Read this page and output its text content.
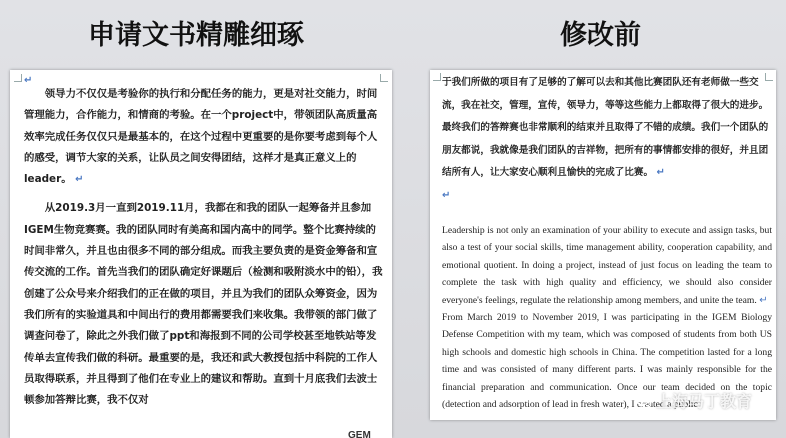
申请文书精雕细琢	修改前
↵

领导力不仅仅是考验你的执行和分配任务的能力，更是对社交能力，时间管理能力，合作能力，和情商的考验。在一个project中，带领团队高质量高效率完成任务仅仅只是最基本的，在这个过程中更重要的是你要考虑到每个人的感受，调节大家的关系，让队员之间安得团结，这样才是真正意义上的leader。 ↵

从2019.3月一直到2019.11月，我都在和我的团队一起筹备并且参加IGEM生物竞赛赛。我的团队同时有美高和国内高中的同学。整个比赛持续的时间非常久，并且也由很多不同的部分组成。而我主要负责的是资金筹备和宣传交流的工作。首先当我们的团队确定好课题后（检测和吸附淡水中的铅），我创建了公众号来介绍我们的正在做的项目，并且为我们的团队众筹资金，因为我们所有的实验道具和中间出行的费用都需要我们来收集。我带领的部门做了调查问卷了，除此之外我们做了ppt和海报到不同的公司学校甚至地铁站等发传单去宣传我们做的科研。最重要的是，我还和武大教授包括中科院的工作人员取得联系，并且得到了他们在专业上的建议和帮助。直到十月底我们去波士顿参加答辩比赛，我不仅对

于我们所做的项目有了足够的了解可以去和其他比赛团队还有老师做一些交流，我在社交，管理，宣传，领导力，等等这些能力上都取得了很大的进步。最终我们的答辩赛也非常顺利的结束并且取得了不错的成绩。我们一个团队的朋友都说，我就像是我们团队的吉祥物，把所有的事情都安排的很好，并且团结所有人，让大家安心顺利且愉快的完成了比赛。 ↵
↵

Leadership is not only an examination of your ability to execute and assign tasks, but also a test of your social skills, time management ability, cooperation capability, and emotional quotient. In doing a project, instead of just focus on leading the team to complete the task with high quality and efficiency, we should also consider everyone's feelings, regulate the relationship among members, and unite the team. ↵

From March 2019 to November 2019, I was participating in the IGEM Biology Defense Competition with my team, which was composed of students from both US high schools and domestic high schools in China. The competition lasted for a long time and was consisted of many different parts. I was mainly responsible for the financial preparation and communication. Once our team decided on the topic (detection and adsorption of lead in fresh water), I created a public

上海马丁教育
X—NEW
GEM
